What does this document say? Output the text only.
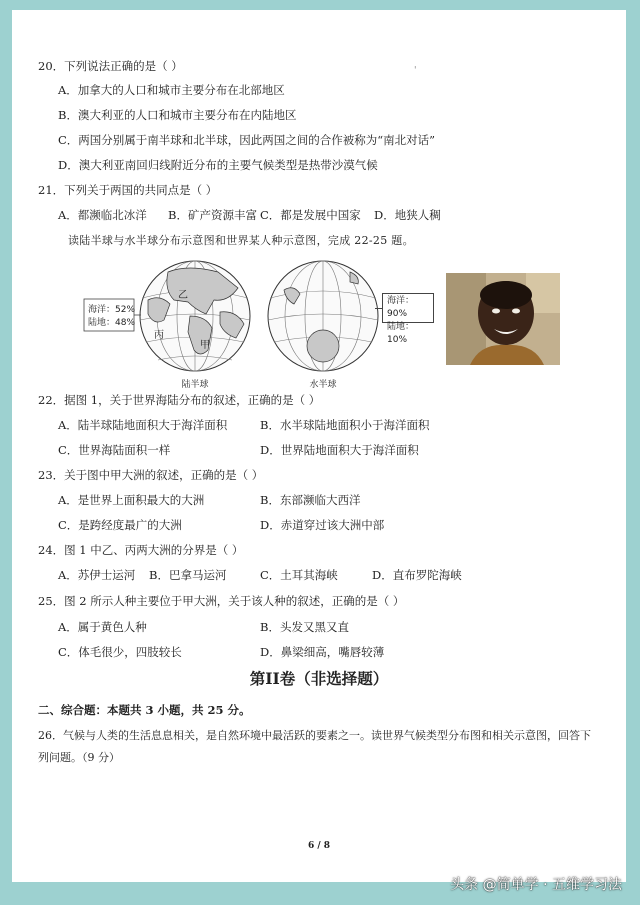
'
20．下列说法正确的是（ ）
A．加拿大的人口和城市主要分布在北部地区
B．澳大利亚的人口和城市主要分布在内陆地区
C．两国分别属于南半球和北半球，因此两国之间的合作被称为“南北对话”
D．澳大利亚南回归线附近分布的主要气候类型是热带沙漠气候
21．下列关于两国的共同点是（ ）
A．都濒临北冰洋 B．矿产资源丰富 C．都是发展中国家 D．地狭人稠
读陆半球与水半球分布示意图和世界某人种示意图，完成 22-25 题。
乙
丙
甲
海洋：52%
陆地：48%
陆半球	水半球
海洋：90%
陆地：10%
22．据图 1，关于世界海陆分布的叙述，正确的是（ ）
A．陆半球陆地面积大于海洋面积	B．水半球陆地面积小于海洋面积
C．世界海陆面积一样	D．世界陆地面积大于海洋面积
23．关于图中甲大洲的叙述，正确的是（ ）
A．是世界上面积最大的大洲	B．东部濒临大西洋
C．是跨经度最广的大洲	D．赤道穿过该大洲中部
24．图 1 中乙、丙两大洲的分界是（ ）
A．苏伊士运河 B．巴拿马运河	C．土耳其海峡	D．直布罗陀海峡
25．图 2 所示人种主要位于甲大洲，关于该人种的叙述，正确的是（ ）
A．属于黄色人种	B．头发又黑又直
C．体毛很少，四肢较长	D．鼻梁细高，嘴唇较薄
第II卷（非选择题）
二、综合题：本题共 3 小题，共 25 分。
26．气候与人类的生活息息相关，是自然环境中最活跃的要素之一。读世界气候类型分布图和相关示意图，回答下
列问题。（9 分）
6 / 8
头条 @简单学 · 五维学习法
